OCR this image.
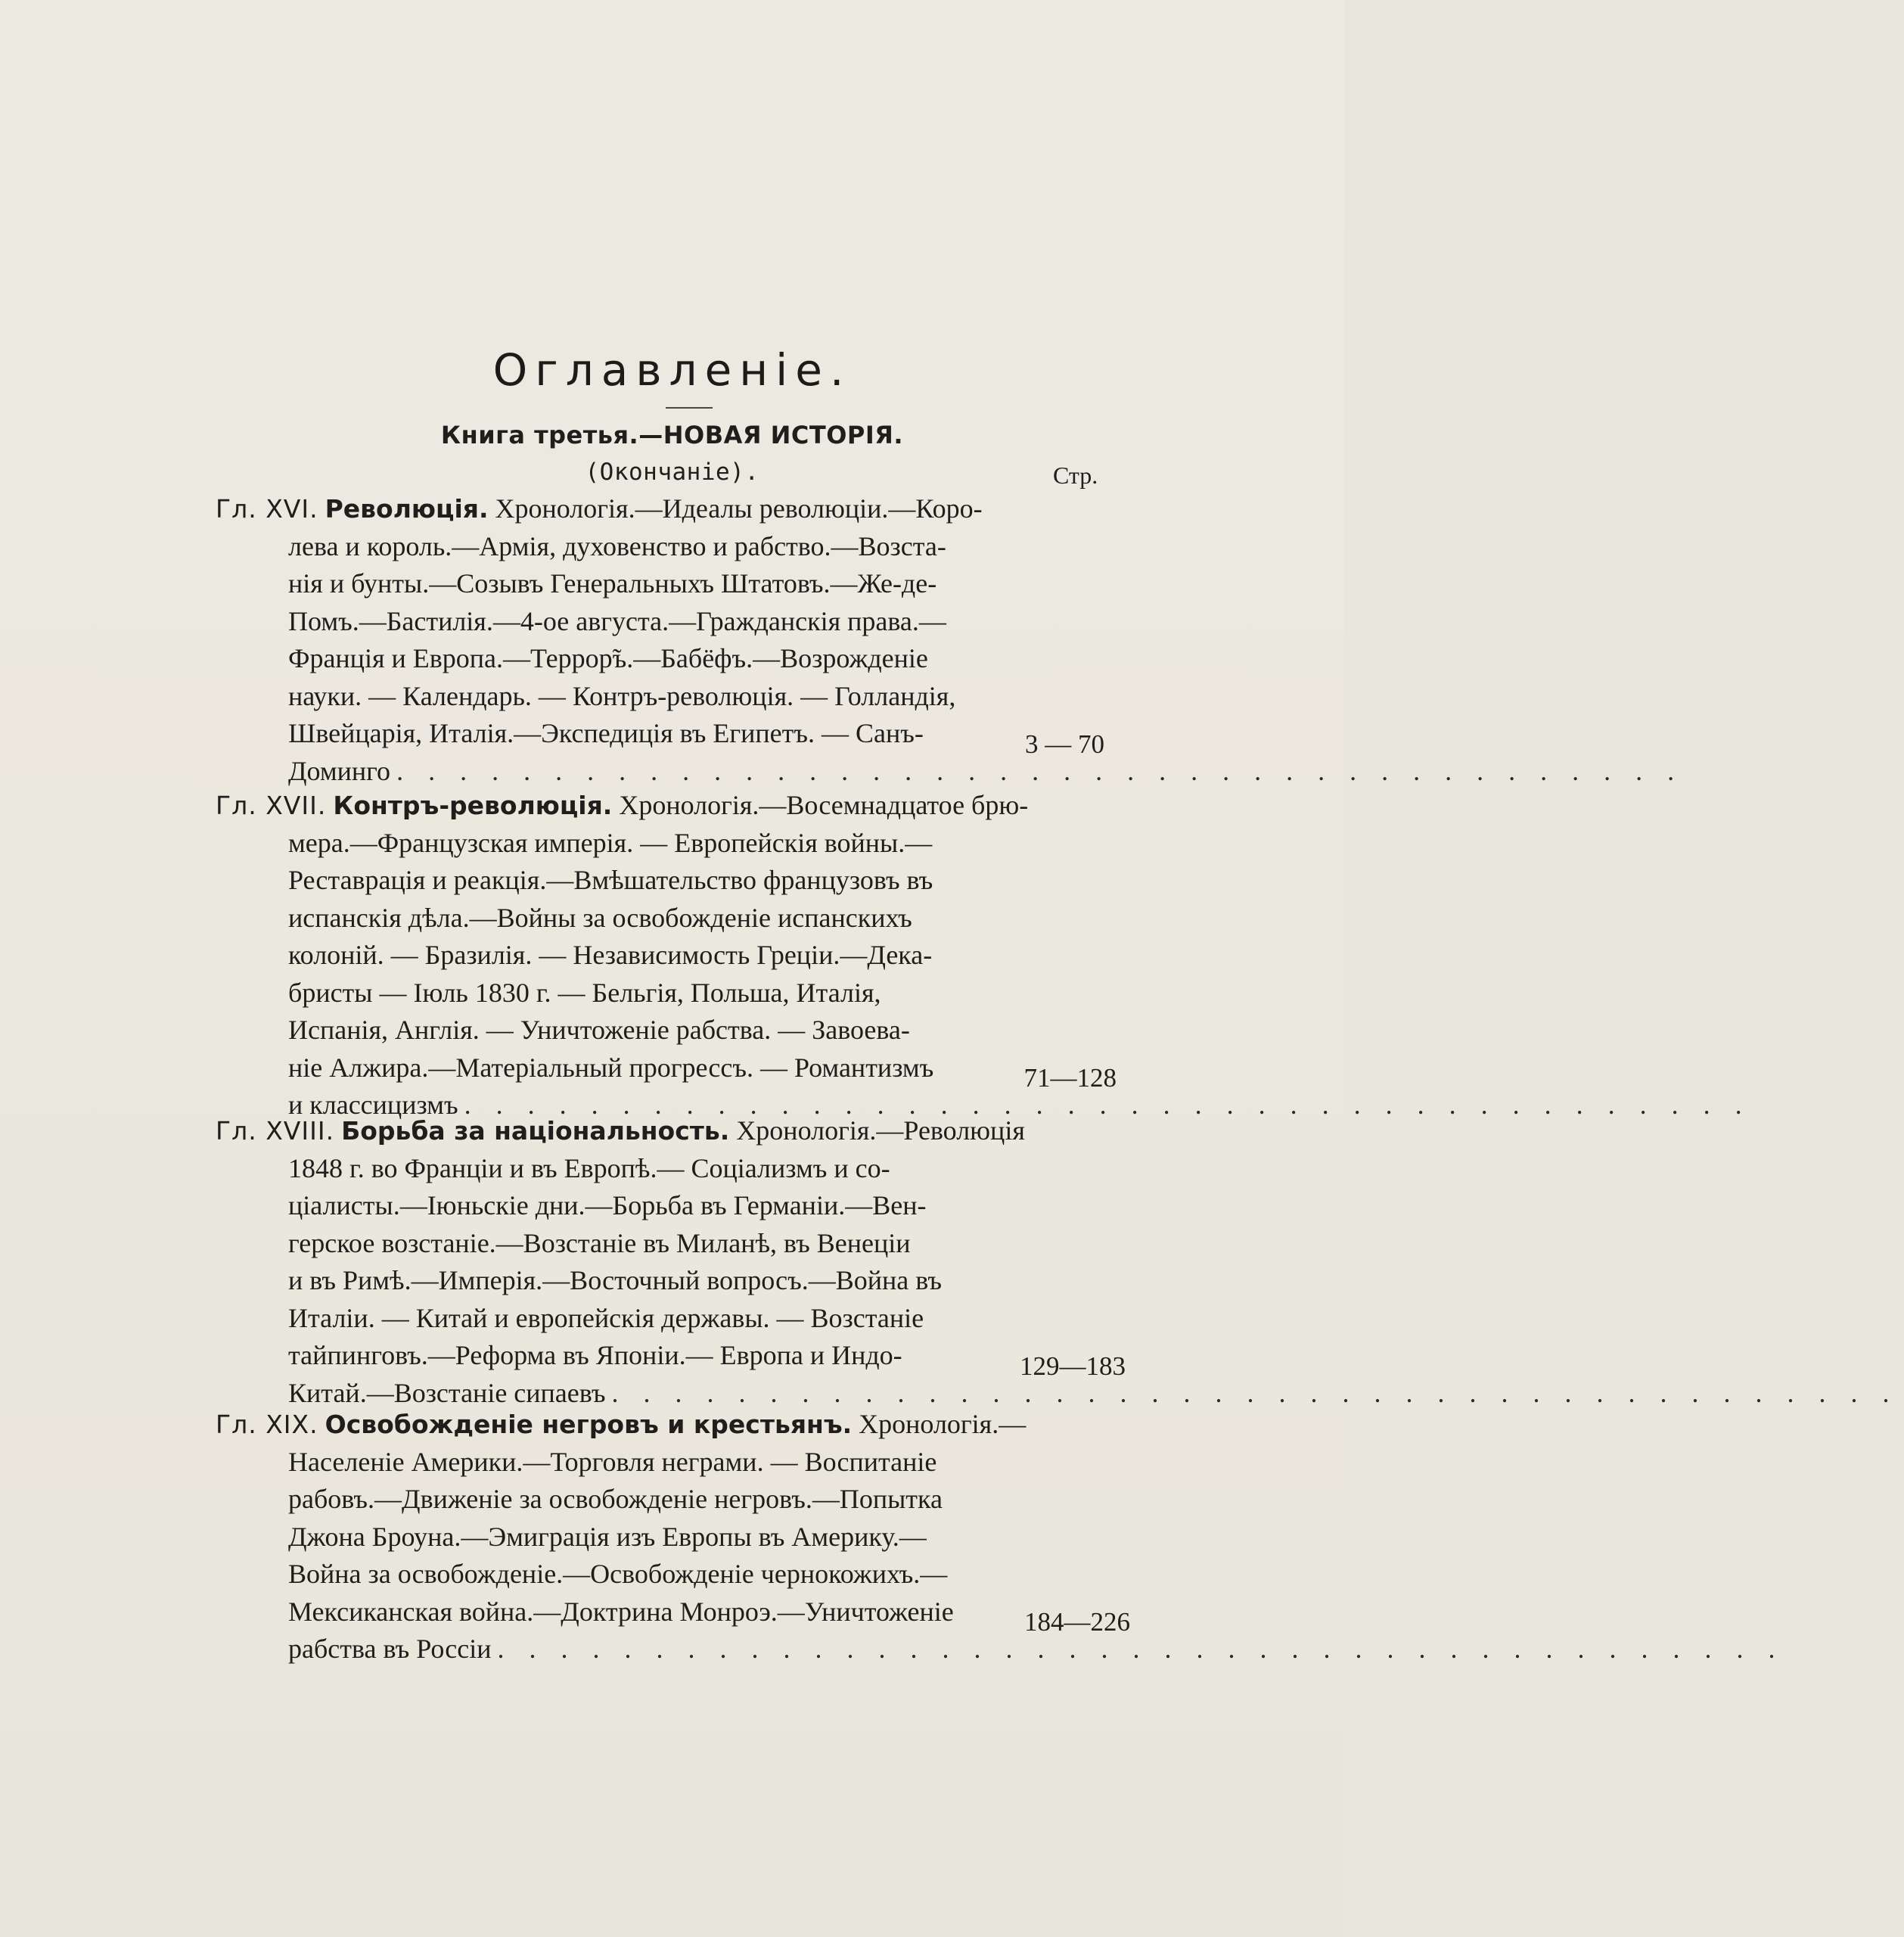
Оглавленіе.
Книга третья.—НОВАЯ ИСТОРІЯ.
(Окончаніе).	Стр.
Гл. XVI. Революція. Хронологія.—Идеалы революціи.—Коро-
лева и король.—Армія, духовенство и рабство.—Возста-
нія и бунты.—Созывъ Генеральныхъ Штатовъ.—Же-де-
Помъ.—Бастилія.—4-ое августа.—Гражданскія права.—
Франція и Европа.—Террор̃ъ.—Бабёфъ.—Возрожденіе
науки. — Календарь. — Контръ-революція. — Голландія,
Швейцарія, Италія.—Экспедиція въ Египетъ. — Санъ-
Доминго . . . . . . . . . . . . . . . . . . . . . . . . . . . . . . . . . . . . . . . . .
3 — 70
Гл. XVII. Контръ-революція. Хронологія.—Восемнадцатое брю-
мера.—Французская имперія. — Европейскія войны.—
Реставрація и реакція.—Вмѣшательство французовъ въ
испанскія дѣла.—Войны за освобожденіе испанскихъ
колоній. — Бразилія. — Независимость Греціи.—Дека-
бристы — Іюль 1830 г. — Бельгія, Польша, Италія,
Испанія, Англія. — Уничтоженіе рабства. — Завоева-
ніе Алжира.—Матеріальный прогрессъ. — Романтизмъ
и классицизмъ . . . . . . . . . . . . . . . . . . . . . . . . . . . . . . . . . . . . . . . . .
71—128
Гл. XVIII. Борьба за національность. Хронологія.—Революція
1848 г. во Франціи и въ Европѣ.— Соціализмъ и со-
ціалисты.—Іюньскіе дни.—Борьба въ Германіи.—Вен-
герское возстаніе.—Возстаніе въ Миланѣ, въ Венеціи
и въ Римѣ.—Имперія.—Восточный вопросъ.—Война въ
Италіи. — Китай и европейскія державы. — Возстаніе
тайпинговъ.—Реформа въ Японіи.— Европа и Индо-
Китай.—Возстаніе сипаевъ . . . . . . . . . . . . . . . . . . . . . . . . . . . . . . . . . . . . . . . . .
129—183
Гл. XIX. Освобожденіе негровъ и крестьянъ. Хронологія.—
Населеніе Америки.—Торговля неграми. — Воспитаніе
рабовъ.—Движеніе за освобожденіе негровъ.—Попытка
Джона Броуна.—Эмиграція изъ Европы въ Америку.—
Война за освобожденіе.—Освобожденіе чернокожихъ.—
Мексиканская война.—Доктрина Монроэ.—Уничтоженіе
рабства въ Россіи . . . . . . . . . . . . . . . . . . . . . . . . . . . . . . . . . . . . . . . . .
184—226
